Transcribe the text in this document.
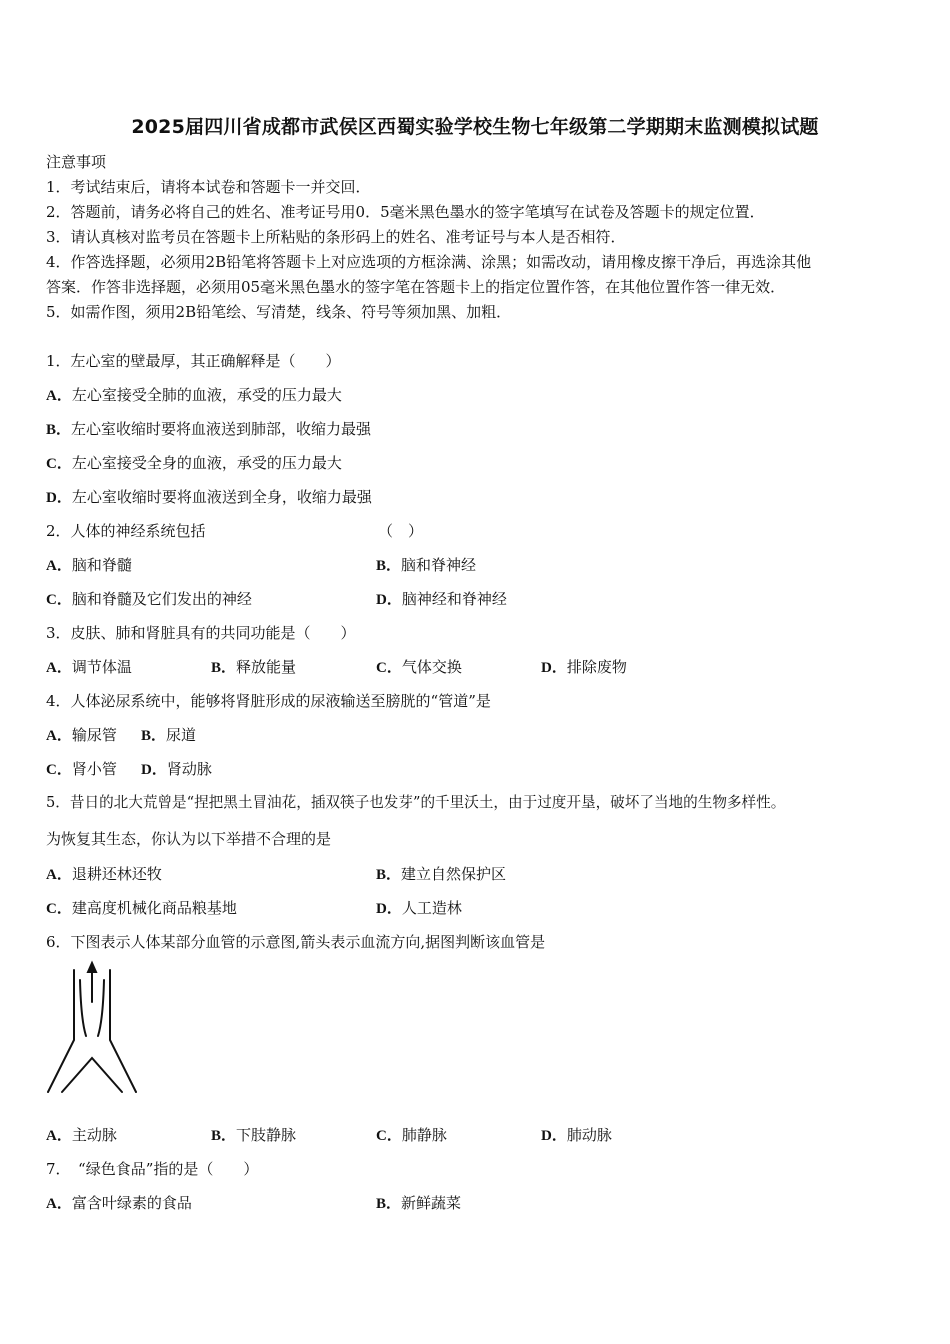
2025届四川省成都市武侯区西蜀实验学校生物七年级第二学期期末监测模拟试题
注意事项
1．考试结束后，请将本试卷和答题卡一并交回．
2．答题前，请务必将自己的姓名、准考证号用0．5毫米黑色墨水的签字笔填写在试卷及答题卡的规定位置．
3．请认真核对监考员在答题卡上所粘贴的条形码上的姓名、准考证号与本人是否相符．
4．作答选择题，必须用2B铅笔将答题卡上对应选项的方框涂满、涂黑；如需改动，请用橡皮擦干净后，再选涂其他
答案．作答非选择题，必须用05毫米黑色墨水的签字笔在答题卡上的指定位置作答，在其他位置作答一律无效．
5．如需作图，须用2B铅笔绘、写清楚，线条、符号等须加黑、加粗．
1．左心室的壁最厚，其正确解释是（　　）
A．左心室接受全肺的血液，承受的压力最大
B．左心室收缩时要将血液送到肺部，收缩力最强
C．左心室接受全身的血液，承受的压力最大
D．左心室收缩时要将血液送到全身，收缩力最强
2．人体的神经系统包括　　　　　　　　　　　　（　）
A．脑和脊髓	B．脑和脊神经
C．脑和脊髓及它们发出的神经	D．脑神经和脊神经
3．皮肤、肺和肾脏具有的共同功能是（　　）
A．调节体温	B．释放能量	C．气体交换	D．排除废物
4．人体泌尿系统中，能够将肾脏形成的尿液输送至膀胱的“管道”是
A．输尿管 B．尿道
C．肾小管 D．肾动脉
5．昔日的北大荒曾是“捏把黑土冒油花，插双筷子也发芽”的千里沃土，由于过度开垦，破坏了当地的生物多样性。
为恢复其生态，你认为以下举措不合理的是
A．退耕还林还牧	B．建立自然保护区
C．建高度机械化商品粮基地	D．人工造林
6．下图表示人体某部分血管的示意图,箭头表示血流方向,据图判断该血管是
A．主动脉	B．下肢静脉	C．肺静脉	D．肺动脉
7．　“绿色食品”指的是（　　）
A．富含叶绿素的食品	B．新鲜蔬菜
